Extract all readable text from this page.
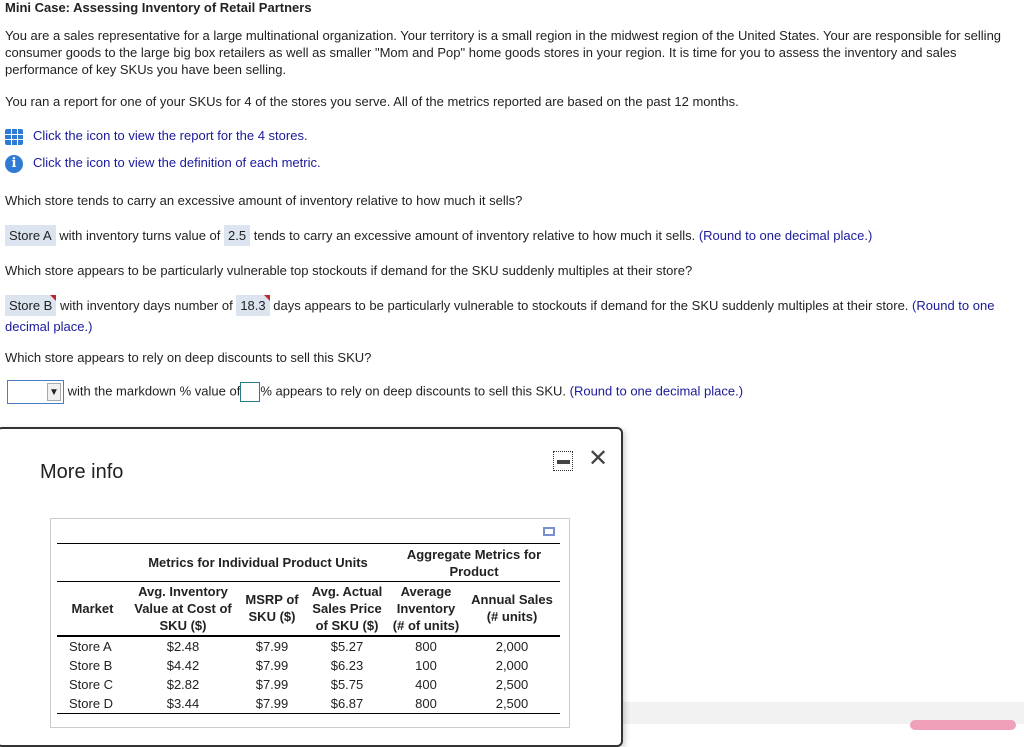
Mini Case: Assessing Inventory of Retail Partners
You are a sales representative for a large multinational organization. Your territory is a small region in the midwest region of the United States. Your are responsible for selling consumer goods to the large big box retailers as well as smaller "Mom and Pop" home goods stores in your region. It is time for you to assess the inventory and sales performance of key SKUs you have been selling.
You ran a report for one of your SKUs for 4 of the stores you serve. All of the metrics reported are based on the past 12 months.
Click the icon to view the report for the 4 stores.
i Click the icon to view the definition of each metric.
Which store tends to carry an excessive amount of inventory relative to how much it sells?
Store A with inventory turns value of 2.5 tends to carry an excessive amount of inventory relative to how much it sells. (Round to one decimal place.)
Which store appears to be particularly vulnerable top stockouts if demand for the SKU suddenly multiples at their store?
Store B with inventory days number of 18.3 days appears to be particularly vulnerable to stockouts if demand for the SKU suddenly multiples at their store. (Round to one decimal place.)
Which store appears to rely on deep discounts to sell this SKU?
▼ with the markdown % value of % appears to rely on deep discounts to sell this SKU. (Round to one decimal place.)
More info	✕
	Metrics for Individual Product Units			Aggregate Metrics for Product	
Market	Avg. Inventory Value at Cost of SKU ($)	MSRP of SKU ($)	Avg. Actual Sales Price of SKU ($)	Average Inventory (# of units)	Annual Sales (# units)
Store A	$2.48	$7.99	$5.27	800	2,000
Store B	$4.42	$7.99	$6.23	100	2,000
Store C	$2.82	$7.99	$5.75	400	2,500
Store D	$3.44	$7.99	$6.87	800	2,500
